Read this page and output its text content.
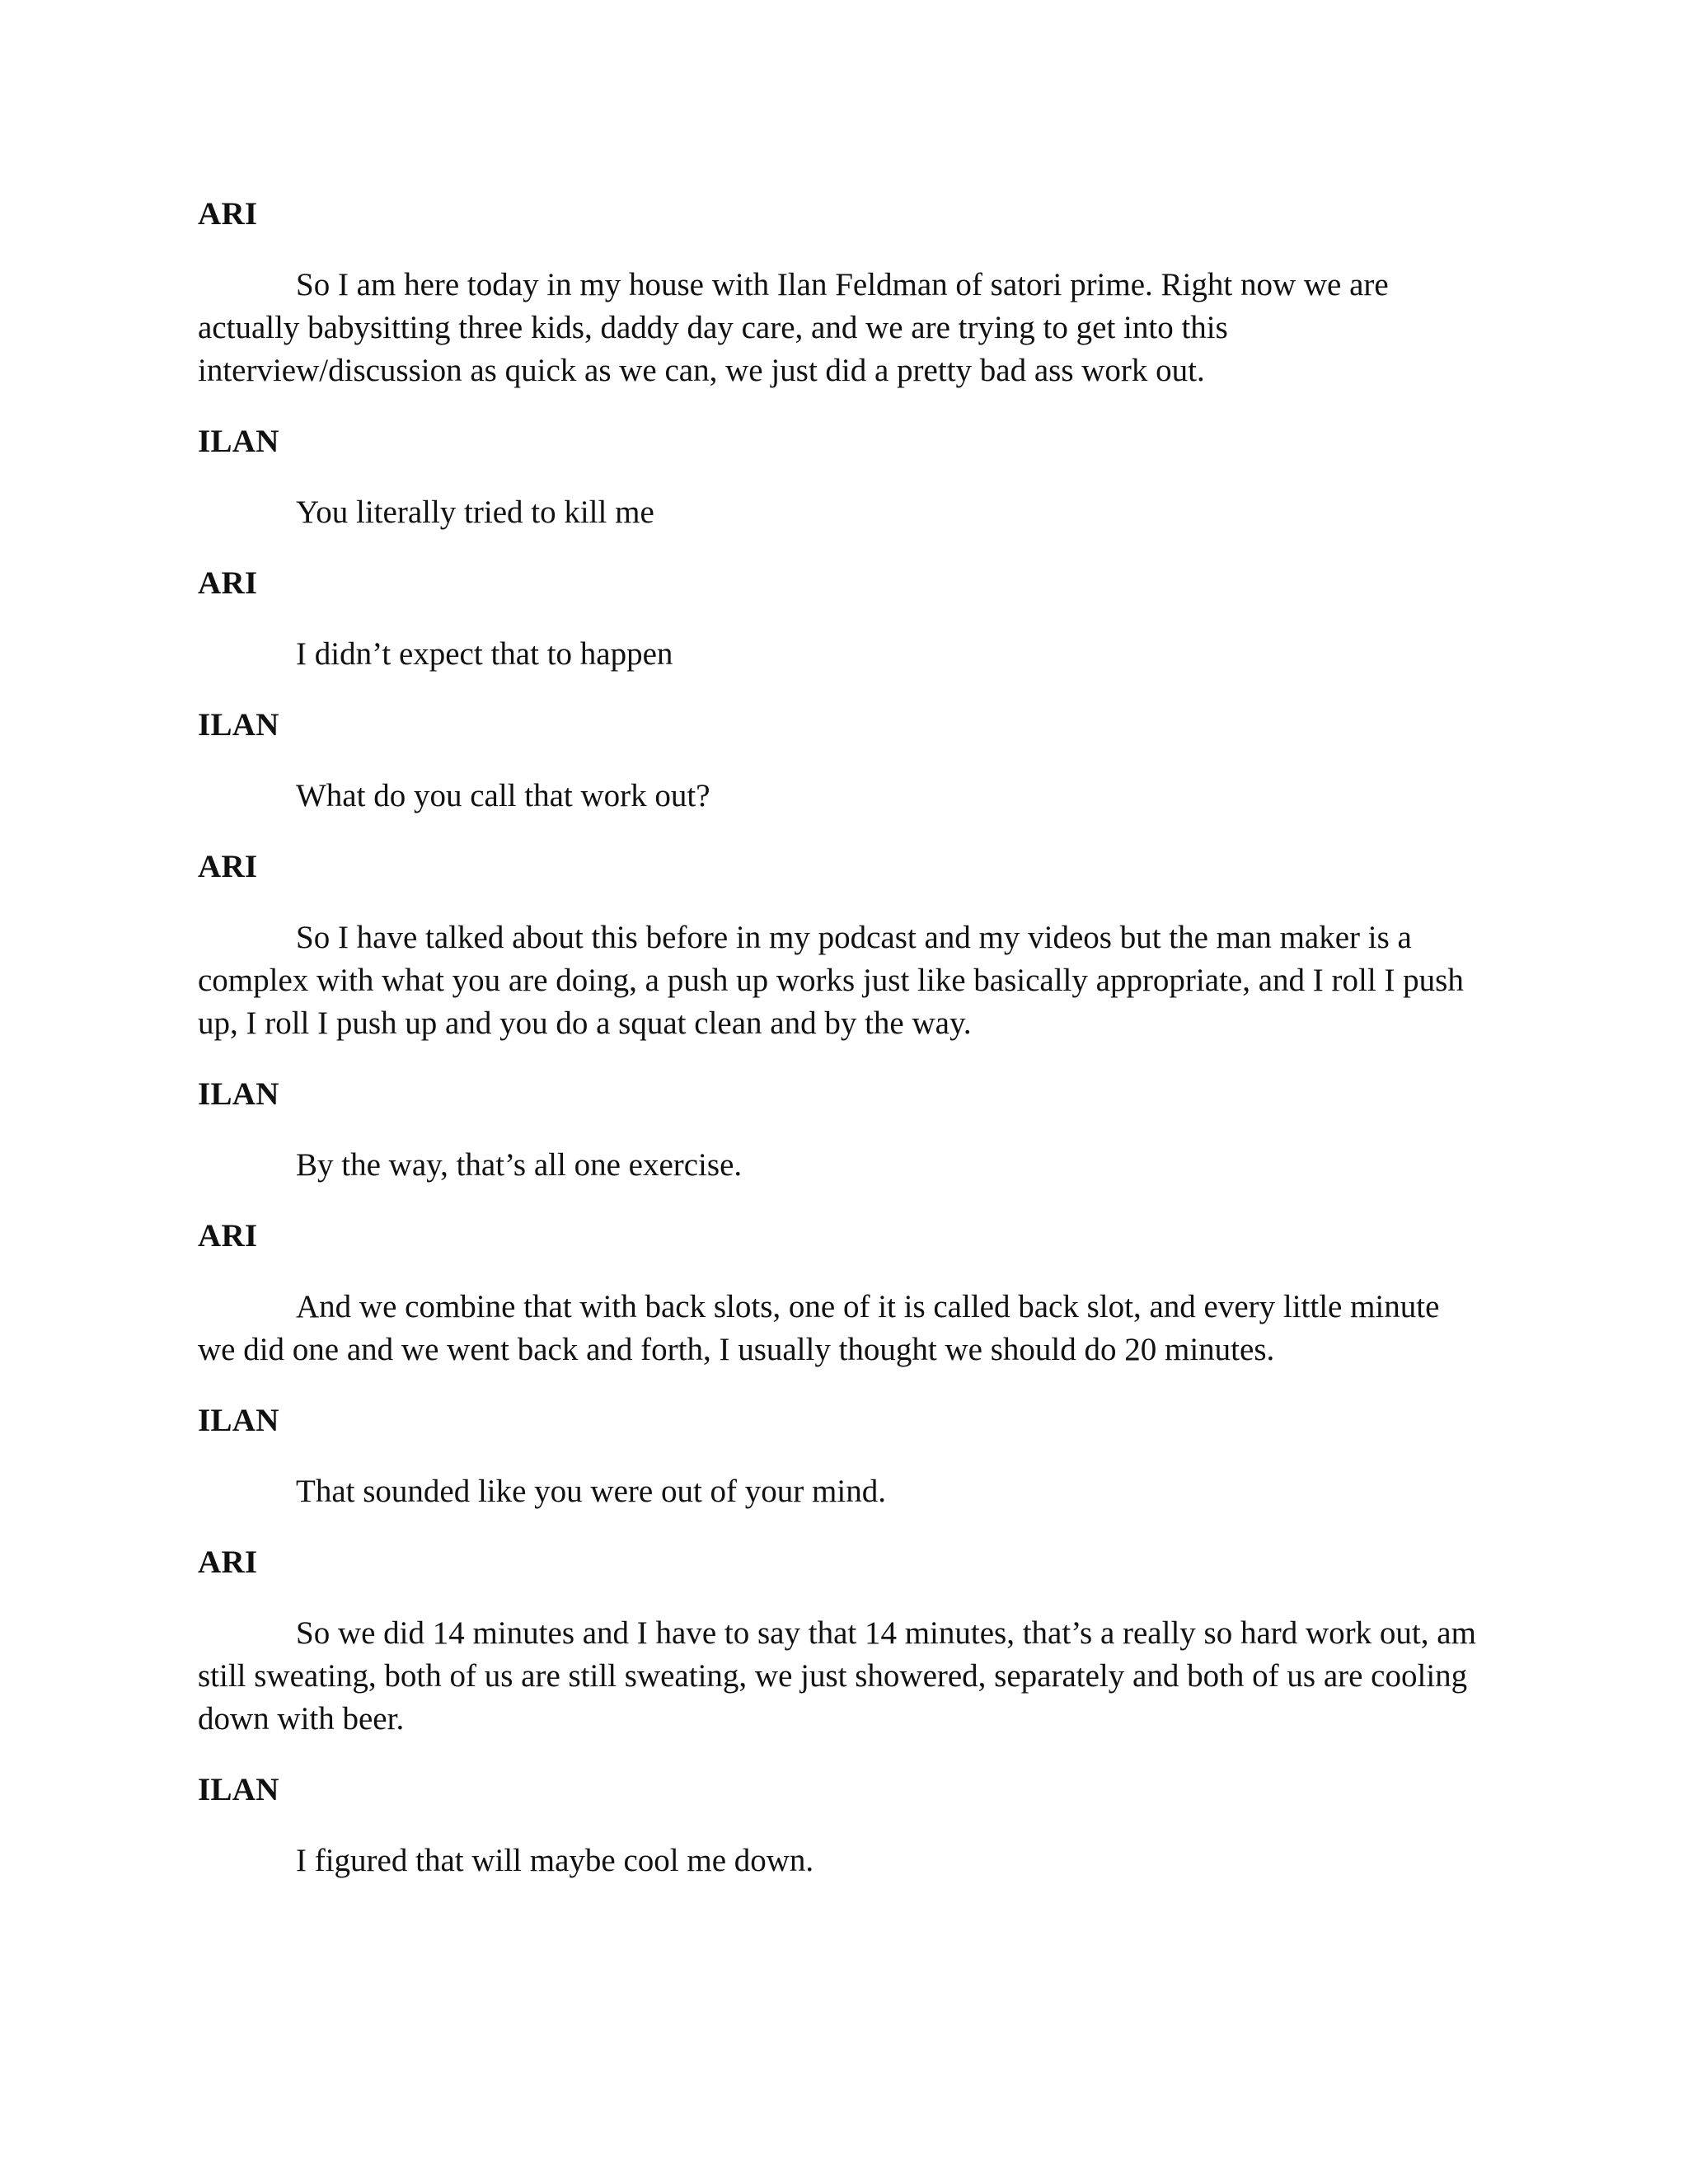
ARI

So I am here today in my house with Ilan Feldman of satori prime. Right now we are actually babysitting three kids, daddy day care, and we are trying to get into this interview/discussion as quick as we can, we just did a pretty bad ass work out.

ILAN

You literally tried to kill me

ARI

I didn’t expect that to happen

ILAN

What do you call that work out?

ARI

So I have talked about this before in my podcast and my videos but the man maker is a complex with what you are doing, a push up works just like basically appropriate, and I roll I push up, I roll I push up and you do a squat clean and by the way.

ILAN

By the way, that’s all one exercise.

ARI

And we combine that with back slots, one of it is called back slot, and every little minute we did one and we went back and forth, I usually thought we should do 20 minutes.

ILAN

That sounded like you were out of your mind.

ARI

So we did 14 minutes and I have to say that 14 minutes, that’s a really so hard work out, am still sweating, both of us are still sweating, we just showered, separately and both of us are cooling down with beer.

ILAN

I figured that will maybe cool me down.
